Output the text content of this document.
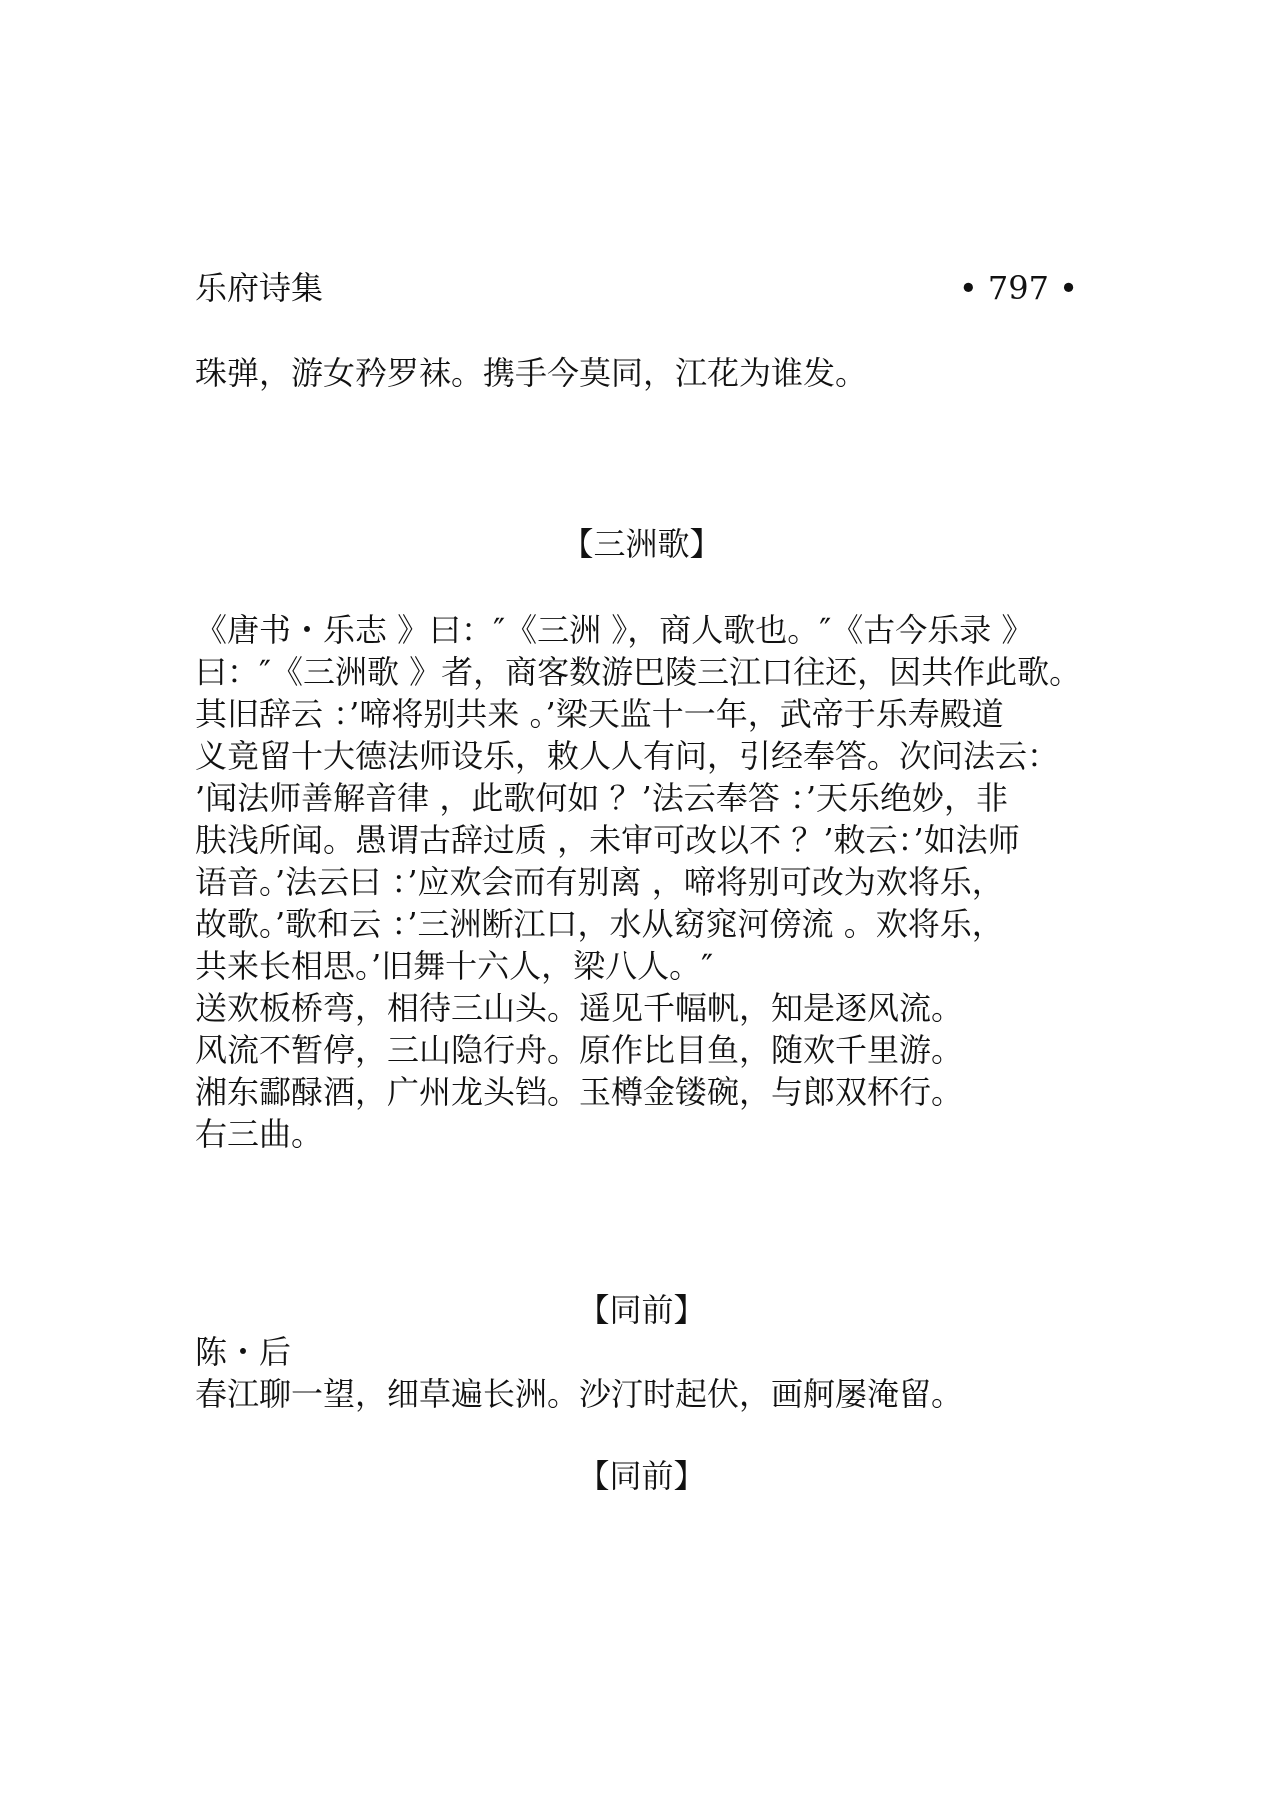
乐府诗集	• 797 •
珠弹，游女矜罗袜。携手今莫同，江花为谁发。
【三洲歌】
《唐书・乐志 》曰：″《三洲 》，商人歌也。″《古今乐录 》
曰：″《三洲歌 》者，商客数游巴陵三江口往还，因共作此歌。
其旧辞云 ：’啼将别共来 。’梁天监十一年，武帝于乐寿殿道
义竟留十大德法师设乐，敕人人有问，引经奉答。次问法云：
’闻法师善解音律 ，此歌何如 ？’法云奉答 ：’天乐绝妙，非
肤浅所闻。愚谓古辞过质 ，未审可改以不 ？’敕云：’如法师
语音。’法云曰 ：’应欢会而有别离 ，啼将别可改为欢将乐，
故歌。’歌和云 ：’三洲断江口，水从窈窕河傍流 。欢将乐，
共来长相思。’旧舞十六人，梁八人。″
送欢板桥弯，相待三山头。遥见千幅帆，知是逐风流。
风流不暂停，三山隐行舟。原作比目鱼，随欢千里游。
湘东酃醁酒，广州龙头铛。玉樽金镂碗，与郎双杯行。
右三曲。
【同前】
陈・后
春江聊一望，细草遍长洲。沙汀时起伏，画舸屡淹留。
【同前】
